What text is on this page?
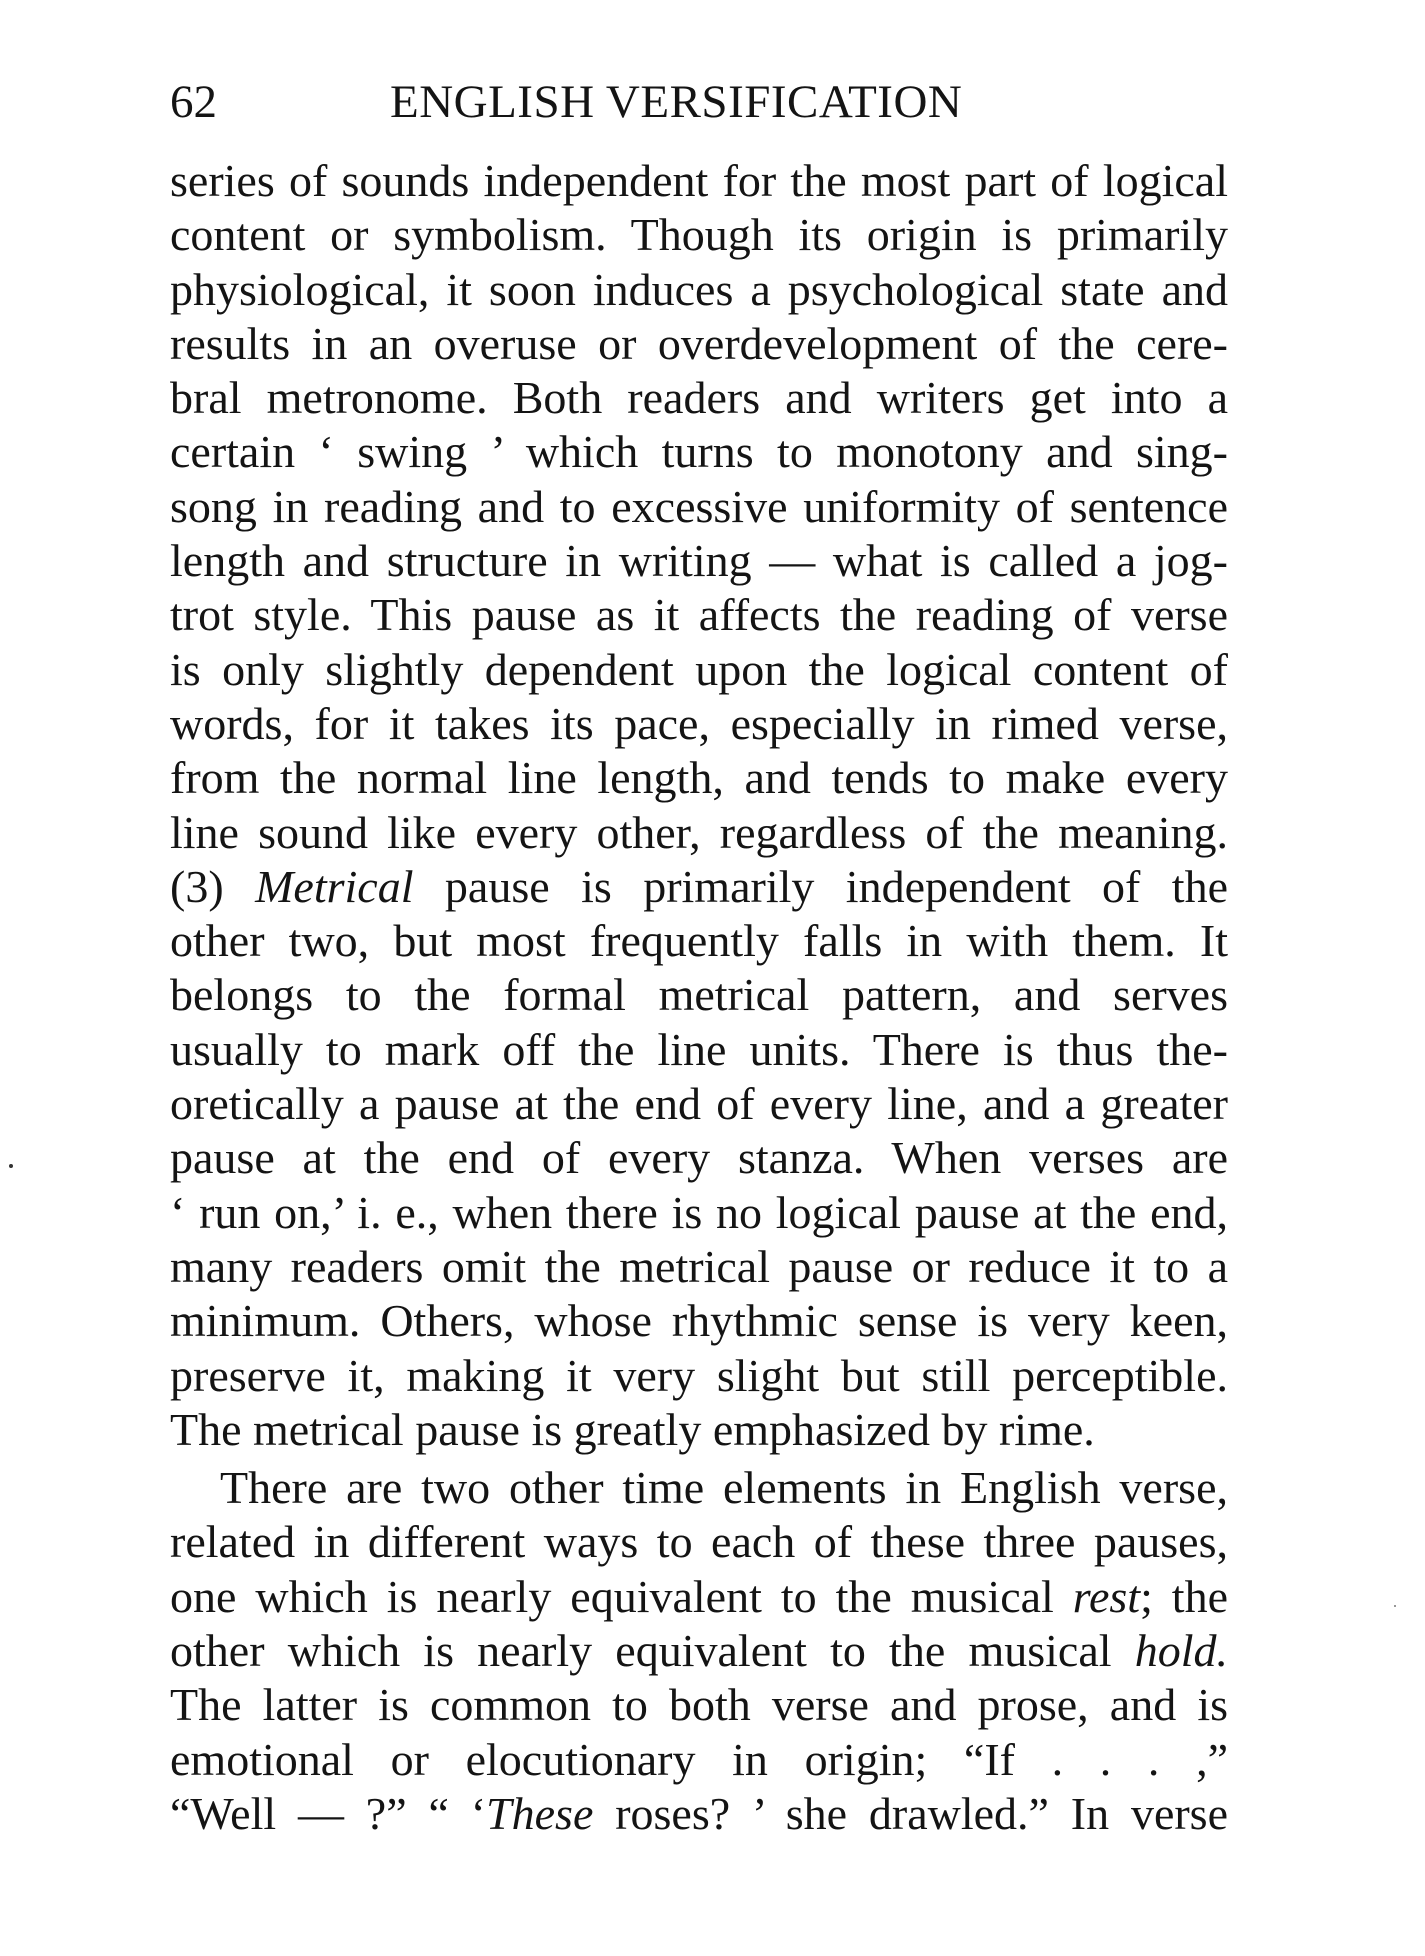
62	ENGLISH VERSIFICATION
series of sounds independent for the most part of logical
content or symbolism. Though its origin is primarily
physiological, it soon induces a psychological state and
results in an overuse or overdevelopment of the cere-
bral metronome. Both readers and writers get into a
certain ‘ swing ’ which turns to monotony and sing-
song in reading and to excessive uniformity of sentence
length and structure in writing — what is called a jog-
trot style. This pause as it affects the reading of verse
is only slightly dependent upon the logical content of
words, for it takes its pace, especially in rimed verse,
from the normal line length, and tends to make every
line sound like every other, regardless of the meaning.
(3) Metrical pause is primarily independent of the
other two, but most frequently falls in with them. It
belongs to the formal metrical pattern, and serves
usually to mark off the line units. There is thus the-
oretically a pause at the end of every line, and a greater
pause at the end of every stanza. When verses are
‘ run on,’ i. e., when there is no logical pause at the end,
many readers omit the metrical pause or reduce it to a
minimum. Others, whose rhythmic sense is very keen,
preserve it, making it very slight but still perceptible.
The metrical pause is greatly emphasized by rime.
There are two other time elements in English verse,
related in different ways to each of these three pauses,
one which is nearly equivalent to the musical rest; the
other which is nearly equivalent to the musical hold.
The latter is common to both verse and prose, and is
emotional or elocutionary in origin; “If . . . ,”
“Well — ?” “ ‘These roses? ’ she drawled.” In verse
